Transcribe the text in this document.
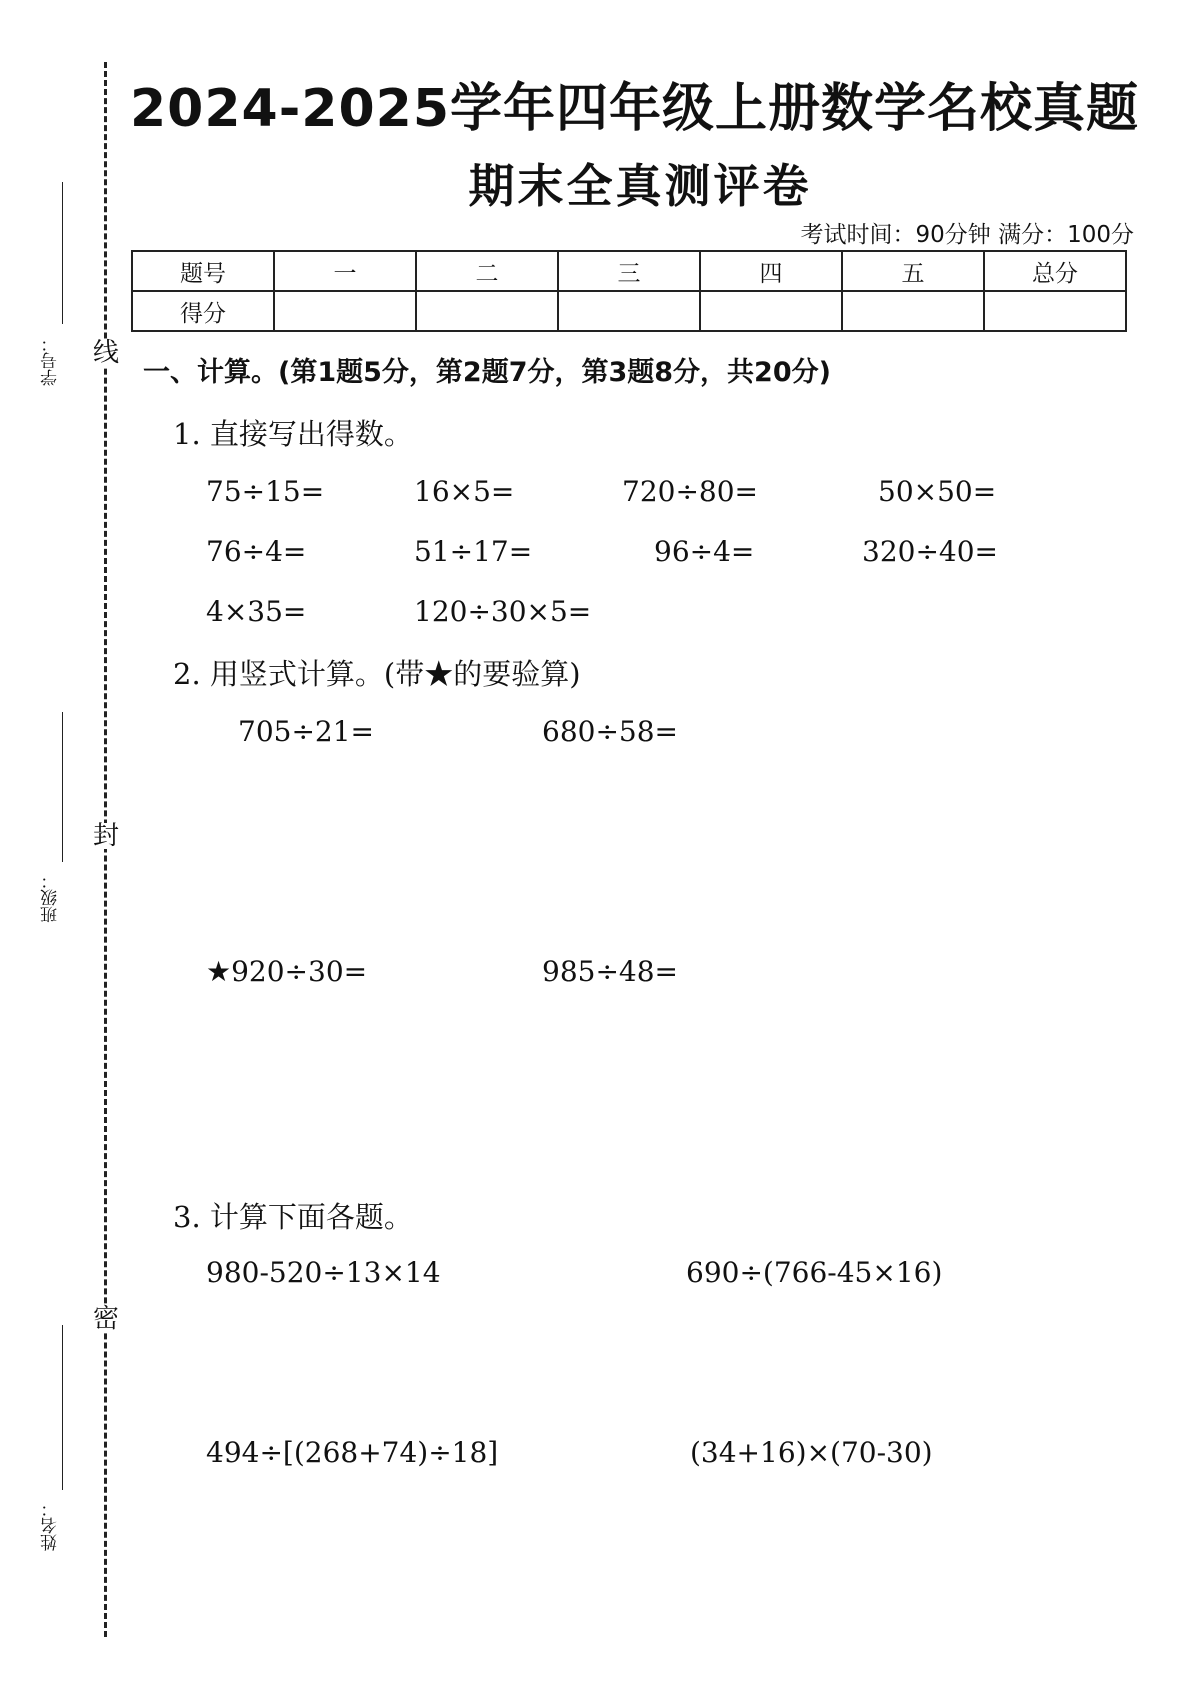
线
封
密
学号：
班级：
姓名：
2024-2025学年四年级上册数学名校真题
期末全真测评卷
考试时间：90分钟 满分：100分
题号	一	二	三	四	五	总分
得分						
一、计算。(第1题5分，第2题7分，第3题8分，共20分)
1. 直接写出得数。
75÷15=	16×5=	720÷80=	50×50=
76÷4=	51÷17=	96÷4=	320÷40=
4×35=	120÷30×5=
2. 用竖式计算。(带★的要验算)
705÷21=	680÷58=
★920÷30=	985÷48=
3. 计算下面各题。
980-520÷13×14	690÷(766-45×16)
494÷[(268+74)÷18]	(34+16)×(70-30)
